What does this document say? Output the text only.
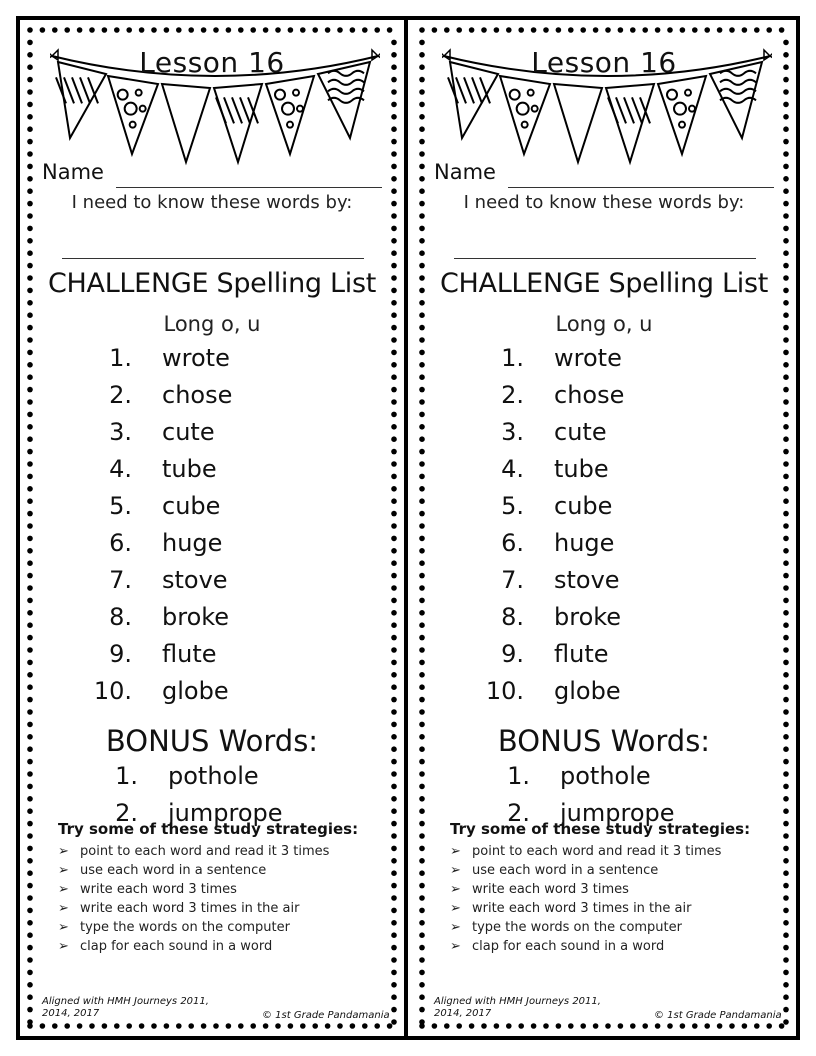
Lesson 16
Name
I need to know these words by:
CHALLENGE Spelling List
Long o, u
1. wrote
2. chose
3. cute
4. tube
5. cube
6. huge
7. stove
8. broke
9. flute
10. globe
BONUS Words:
1. pothole
2. jumprope
Try some of these study strategies:
➢ point to each word and read it 3 times
➢ use each word in a sentence
➢ write each word 3 times
➢ write each word 3 times in the air
➢ type the words on the computer
➢ clap for each sound in a word
Aligned with HMH Journeys 2011, 2014, 2017	© 1st Grade Pandamania
Lesson 16
Name
I need to know these words by:
CHALLENGE Spelling List
Long o, u
1. wrote
2. chose
3. cute
4. tube
5. cube
6. huge
7. stove
8. broke
9. flute
10. globe
BONUS Words:
1. pothole
2. jumprope
Try some of these study strategies:
➢ point to each word and read it 3 times
➢ use each word in a sentence
➢ write each word 3 times
➢ write each word 3 times in the air
➢ type the words on the computer
➢ clap for each sound in a word
Aligned with HMH Journeys 2011, 2014, 2017	© 1st Grade Pandamania
